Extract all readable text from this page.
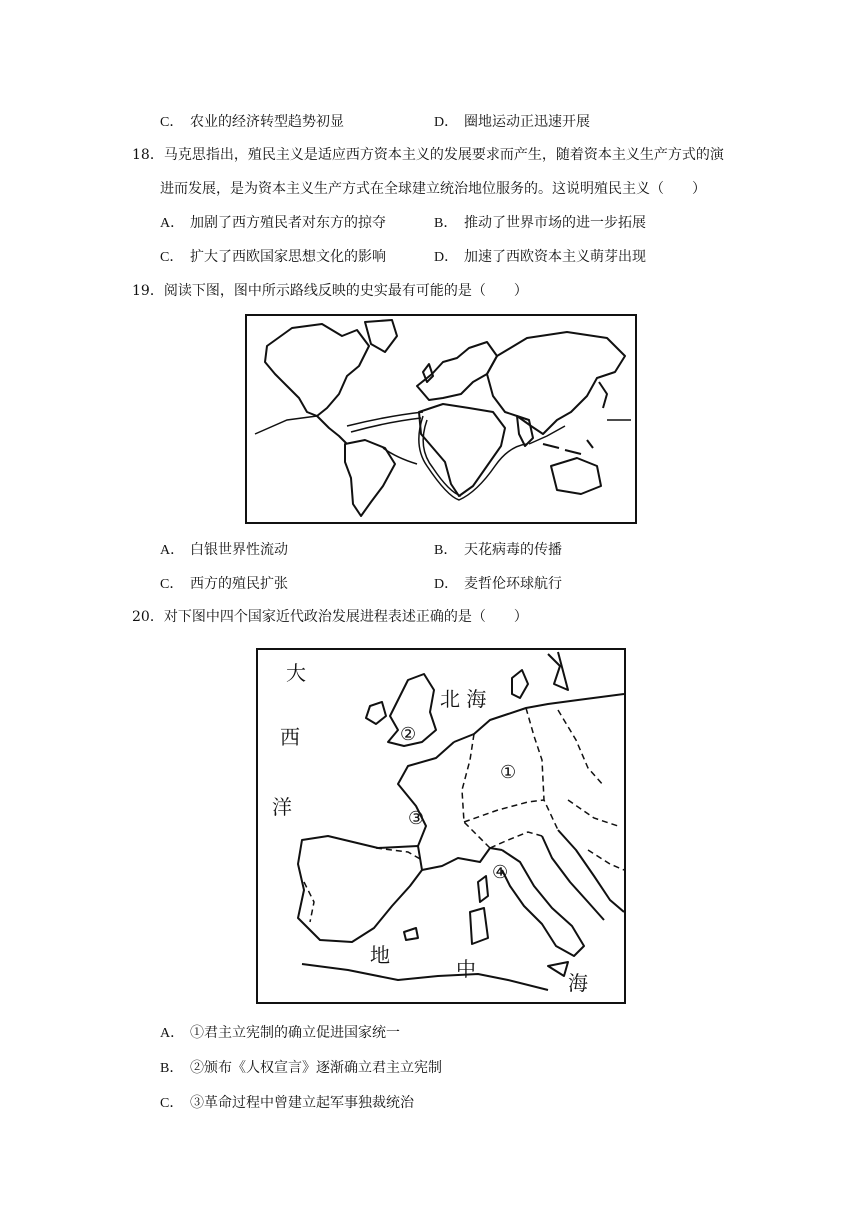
C． 农业的经济转型趋势初显	D． 圈地运动正迅速开展
18．马克思指出，殖民主义是适应西方资本主义的发展要求而产生，随着资本主义生产方式的演
进而发展，是为资本主义生产方式在全球建立统治地位服务的。这说明殖民主义（　　）
A． 加剧了西方殖民者对东方的掠夺	B． 推动了世界市场的进一步拓展
C． 扩大了西欧国家思想文化的影响	D． 加速了西欧资本主义萌芽出现
19．阅读下图，图中所示路线反映的史实最有可能的是（　　）
A． 白银世界性流动	B． 天花病毒的传播
C． 西方的殖民扩张	D． 麦哲伦环球航行
20．对下图中四个国家近代政治发展进程表述正确的是（　　）
大
西
洋
北 海
地
中
海
②
①
③
④
A． ①君主立宪制的确立促进国家统一
B． ②颁布《人权宣言》逐渐确立君主立宪制
C． ③革命过程中曾建立起军事独裁统治
